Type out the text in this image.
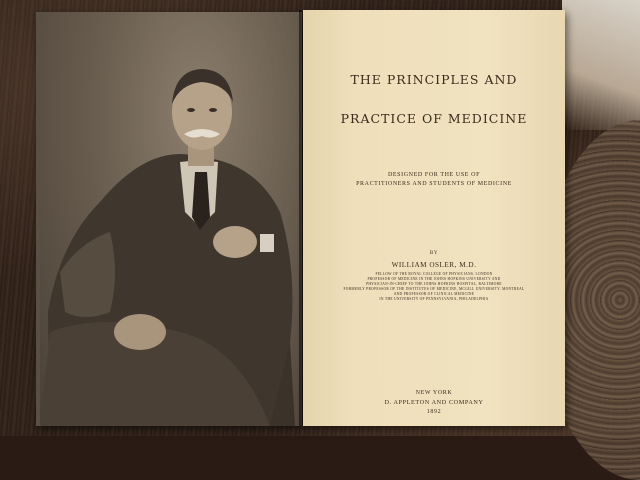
THE PRINCIPLES AND
PRACTICE OF MEDICINE
DESIGNED FOR THE USE OF
PRACTITIONERS AND STUDENTS OF MEDICINE
BY
WILLIAM OSLER, M.D.
FELLOW OF THE ROYAL COLLEGE OF PHYSICIANS, LONDON
PROFESSOR OF MEDICINE IN THE JOHNS HOPKINS UNIVERSITY AND
PHYSICIAN-IN-CHIEF TO THE JOHNS HOPKINS HOSPITAL, BALTIMORE
FORMERLY PROFESSOR OF THE INSTITUTES OF MEDICINE, MCGILL UNIVERSITY, MONTREAL
AND PROFESSOR OF CLINICAL MEDICINE
IN THE UNIVERSITY OF PENNSYLVANIA, PHILADELPHIA
NEW YORK
D. APPLETON AND COMPANY
1892
